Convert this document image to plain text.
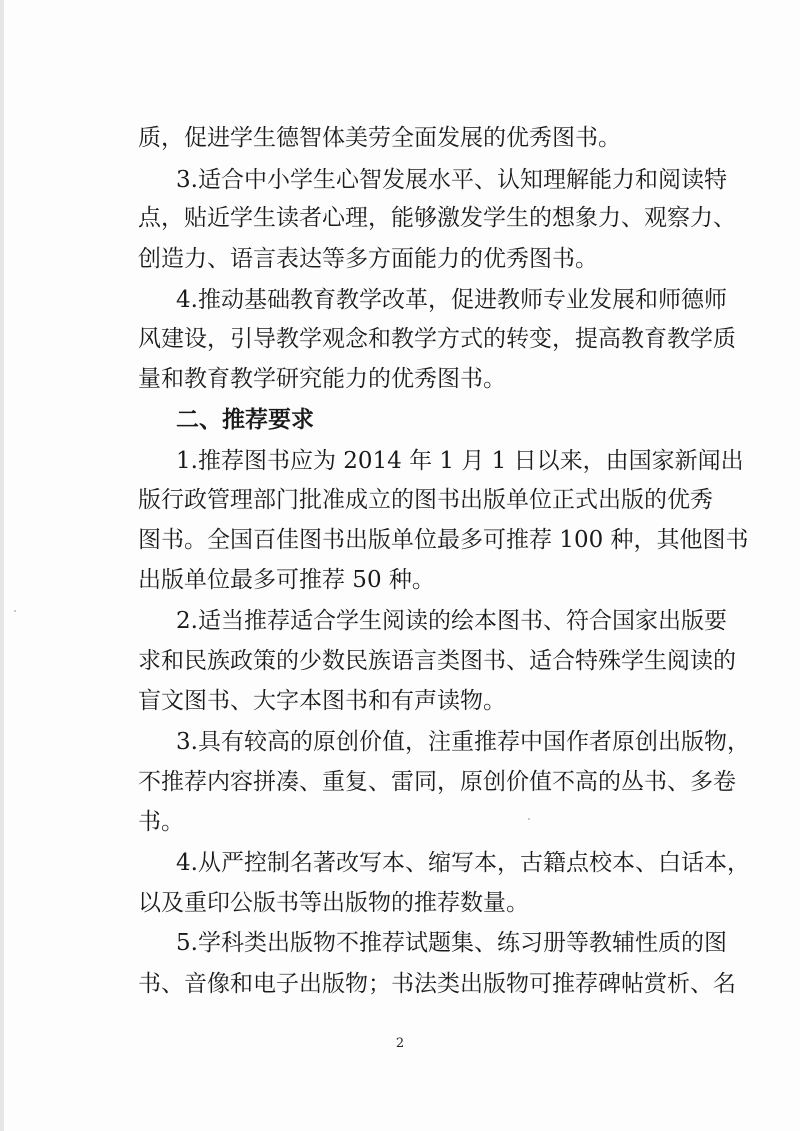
质，促进学生德智体美劳全面发展的优秀图书。
3.适合中小学生心智发展水平、认知理解能力和阅读特
点，贴近学生读者心理，能够激发学生的想象力、观察力、
创造力、语言表达等多方面能力的优秀图书。
4.推动基础教育教学改革，促进教师专业发展和师德师
风建设，引导教学观念和教学方式的转变，提高教育教学质
量和教育教学研究能力的优秀图书。
二、推荐要求
1.推荐图书应为 2014 年 1 月 1 日以来，由国家新闻出
版行政管理部门批准成立的图书出版单位正式出版的优秀
图书。全国百佳图书出版单位最多可推荐 100 种，其他图书
出版单位最多可推荐 50 种。
2.适当推荐适合学生阅读的绘本图书、符合国家出版要
求和民族政策的少数民族语言类图书、适合特殊学生阅读的
盲文图书、大字本图书和有声读物。
3.具有较高的原创价值，注重推荐中国作者原创出版物，
不推荐内容拼凑、重复、雷同，原创价值不高的丛书、多卷
书。
4.从严控制名著改写本、缩写本，古籍点校本、白话本，
以及重印公版书等出版物的推荐数量。
5.学科类出版物不推荐试题集、练习册等教辅性质的图
书、音像和电子出版物；书法类出版物可推荐碑帖赏析、名
2
